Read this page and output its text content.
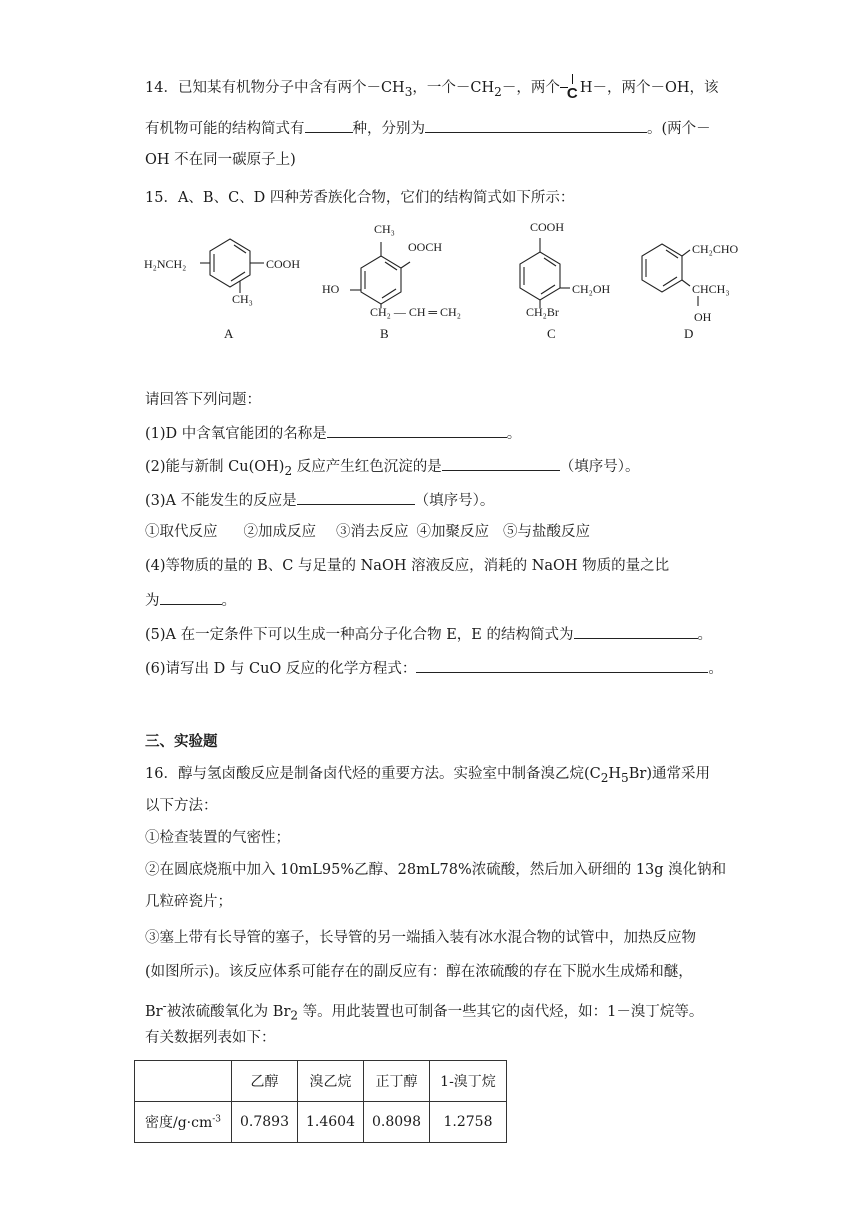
14．已知某有机物分子中含有两个$-CH_3$，一个$-CH_2-$，两个 C H－，两个－OH，该
有机物可能的结构简式有	种，分别为	。(两个－
OH 不在同一碳原子上)
15．A、B、C、D 四种芳香族化合物，它们的结构简式如下所示：
H₂NCH₂	COOH
CH₃
A
CH₃
OOCH
HO
CH₂ — CH ═ CH₂
B
COOH
CH₂OH
CH₂Br
C
CH₂CHO
CHCH₃
OH
D
请回答下列问题：
(1)D 中含氧官能团的名称是	。
(2)能与新制 $Cu(OH)_2$ 反应产生红色沉淀的是	（填序号）。
(3)A 不能发生的反应是	（填序号）。
①取代反应 ②加成反应 ③消去反应 ④加聚反应 ⑤与盐酸反应
(4)等物质的量的 B、C 与足量的 NaOH 溶液反应，消耗的 NaOH 物质的量之比
为	。
(5)A 在一定条件下可以生成一种高分子化合物 E，E 的结构简式为	。
(6)请写出 D 与 CuO 反应的化学方程式：	。
三、实验题
16．醇与氢卤酸反应是制备卤代烃的重要方法。实验室中制备溴乙烷$(C_2H_5Br)$通常采用
以下方法：
①检查装置的气密性；
②在圆底烧瓶中加入 10mL95%乙醇、28mL78%浓硫酸，然后加入研细的 13g 溴化钠和
几粒碎瓷片；
③塞上带有长导管的塞子，长导管的另一端插入装有冰水混合物的试管中，加热反应物
(如图所示)。该反应体系可能存在的副反应有：醇在浓硫酸的存在下脱水生成烯和醚，
Br-被浓硫酸氧化为 $Br_2$ 等。用此装置也可制备一些其它的卤代烃，如：1－溴丁烷等。
有关数据列表如下：
	乙醇	溴乙烷	正丁醇	1-溴丁烷
密度$/g\cdot cm^{-3}$	0.7893	1.4604	0.8098	1.2758
